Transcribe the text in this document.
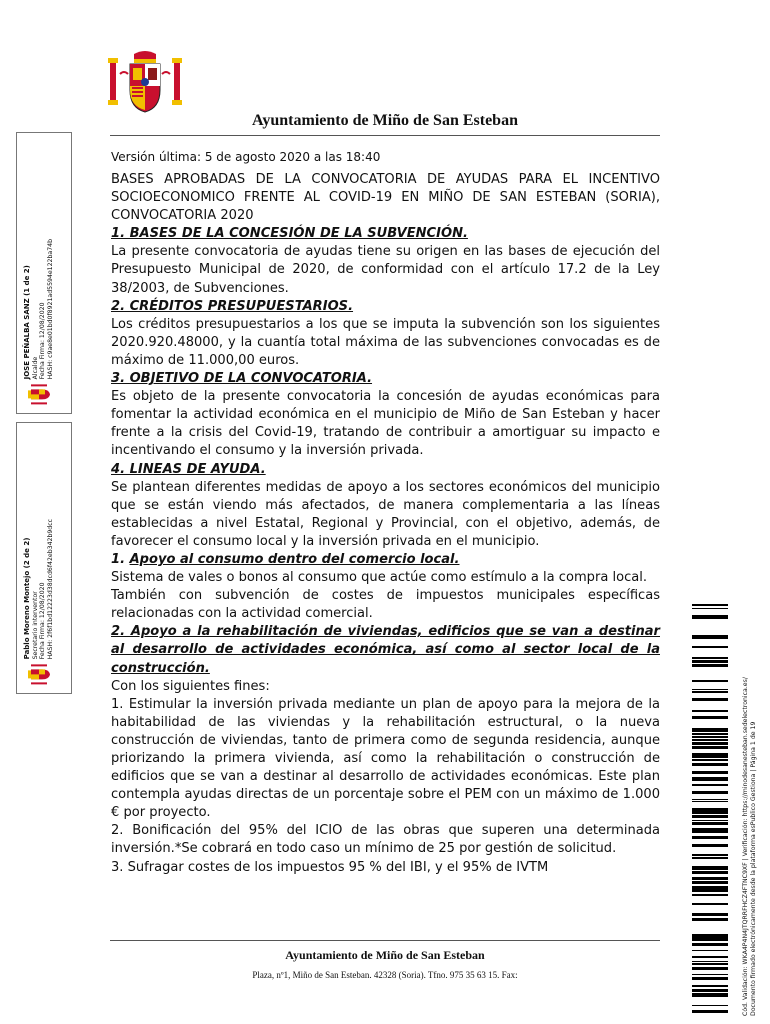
Ayuntamiento de Miño de San Esteban
Versión última: 5 de agosto 2020 a las 18:40

BASES APROBADAS DE LA CONVOCATORIA DE AYUDAS PARA EL INCENTIVO SOCIOECONOMICO FRENTE AL COVID-19 EN MIÑO DE SAN ESTEBAN (SORIA), CONVOCATORIA 2020

1. BASES DE LA CONCESIÓN DE LA SUBVENCIÓN.

La presente convocatoria de ayudas tiene su origen en las bases de ejecución del Presupuesto Municipal de 2020, de conformidad con el artículo 17.2 de la Ley 38/2003, de Subvenciones.

2. CRÉDITOS PRESUPUESTARIOS.

Los créditos presupuestarios a los que se imputa la subvención son los siguientes 2020.920.48000, y la cuantía total máxima de las subvenciones convocadas es de máximo de 11.000,00 euros.

3. OBJETIVO DE LA CONVOCATORIA.

Es objeto de la presente convocatoria la concesión de ayudas económicas para fomentar la actividad económica en el municipio de Miño de San Esteban y hacer frente a la crisis del Covid-19, tratando de contribuir a amortiguar su impacto e incentivando el consumo y la inversión privada.

4. LINEAS DE AYUDA.

Se plantean diferentes medidas de apoyo a los sectores económicos del municipio que se están viendo más afectados, de manera complementaria a las líneas establecidas a nivel Estatal, Regional y Provincial, con el objetivo, además, de favorecer el consumo local y la inversión privada en el municipio.

1. Apoyo al consumo dentro del comercio local.

Sistema de vales o bonos al consumo que actúe como estímulo a la compra local.

También con subvención de costes de impuestos municipales específicas relacionadas con la actividad comercial.

2. Apoyo a la rehabilitación de viviendas, edificios que se van a destinar al desarrollo de actividades económica, así como al sector local de la construcción.

Con los siguientes fines:

1. Estimular la inversión privada mediante un plan de apoyo para la mejora de la habitabilidad de las viviendas y la rehabilitación estructural, o la nueva construcción de viviendas, tanto de primera como de segunda residencia, aunque priorizando la primera vivienda, así como la rehabilitación o construcción de edificios que se van a destinar al desarrollo de actividades económicas. Este plan contempla ayudas directas de un porcentaje sobre el PEM con un máximo de 1.000 € por proyecto.

2. Bonificación del 95% del ICIO de las obras que superen una determinada inversión.*Se cobrará en todo caso un mínimo de 25 por gestión de solicitud.

3. Sufragar costes de los impuestos 95 % del IBI, y el 95% de IVTM

Ayuntamiento de Miño de San Esteban
Plaza, nº1, Miño de San Esteban. 42328 (Soria). Tfno. 975 35 63 15. Fax:
JOSE PEÑALBA SANZ (1 de 2)
Alcalde
Fecha Firma: 12/08/2020
HASH: c9ae8e01bd0f8921ad5594e122ba74b
Pablo Moreno Montejo (2 de 2)
Secretario interventor
Fecha Firma: 12/08/2020
HASH: 2f6f1bd12223d38dcd6f42eb342b9dcc
Cód. Validación: WKA4P4N4JTQRRFHCZ4FTNC9XF | Verificación: https://minodesanesteban.sedelectronica.es/ Documento firmado electrónicamente desde la plataforma esPublico Gestiona | Página 1 de 19
